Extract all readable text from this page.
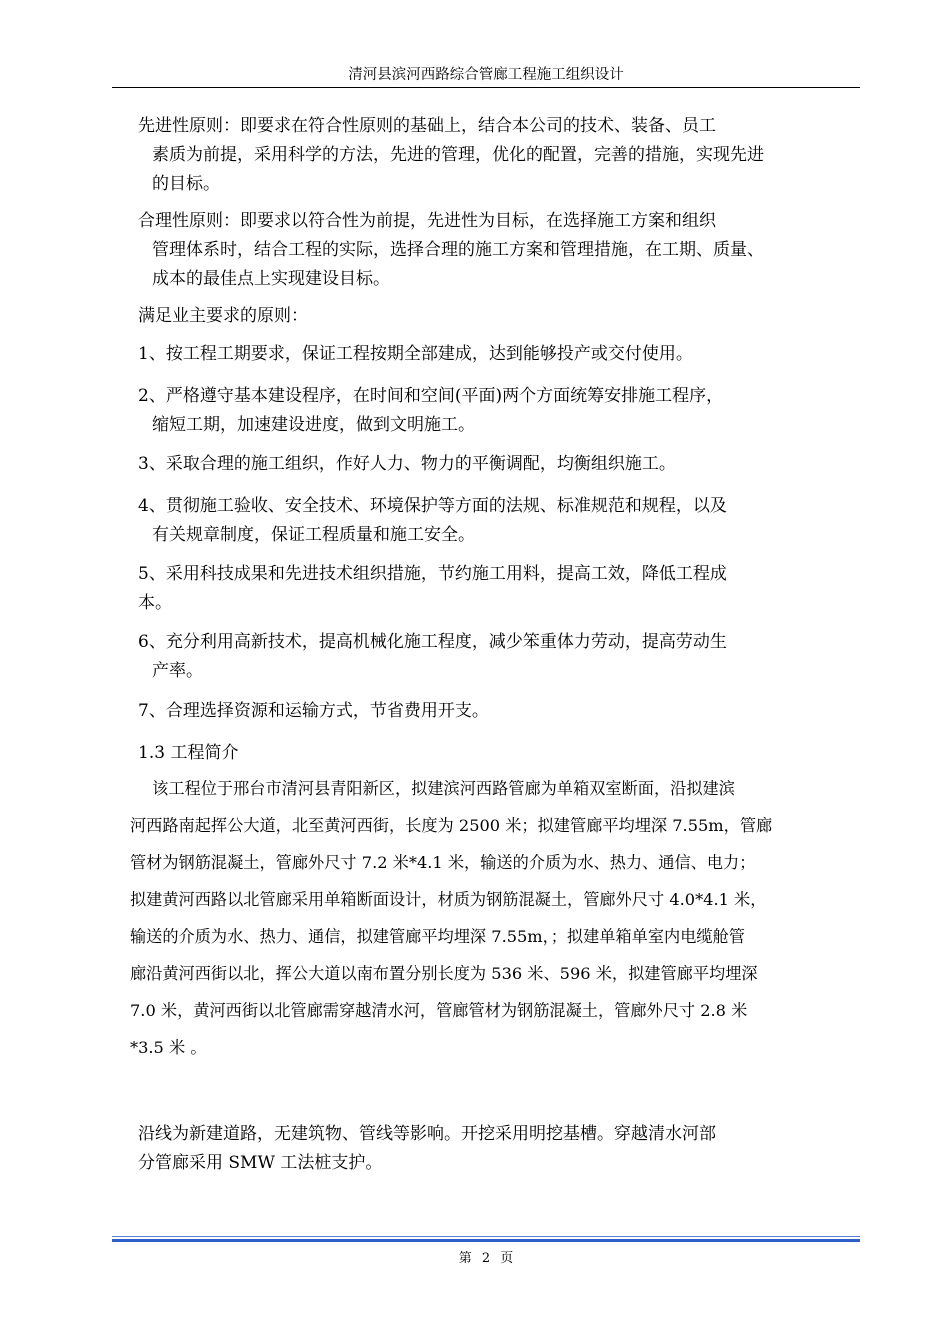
清河县滨河西路综合管廊工程施工组织设计

　　先进性原则：即要求在符合性原则的基础上，结合本公司的技术、装备、员工
素质为前提，采用科学的方法，先进的管理，优化的配置，完善的措施，实现先进
的目标。

　　合理性原则：即要求以符合性为前提，先进性为目标，在选择施工方案和组织
管理体系时，结合工程的实际，选择合理的施工方案和管理措施，在工期、质量、
成本的最佳点上实现建设目标。

　　满足业主要求的原则：

　　1、按工程工期要求，保证工程按期全部建成，达到能够投产或交付使用。

　　2、严格遵守基本建设程序，在时间和空间(平面)两个方面统筹安排施工程序，
缩短工期，加速建设进度，做到文明施工。

　　3、采取合理的施工组织，作好人力、物力的平衡调配，均衡组织施工。

　　4、贯彻施工验收、安全技术、环境保护等方面的法规、标准规范和规程，以及
有关规章制度，保证工程质量和施工安全。

　　5、采用科技成果和先进技术组织措施，节约施工用料，提高工效，降低工程成
本。

　　6、充分利用高新技术，提高机械化施工程度，减少笨重体力劳动，提高劳动生
产率。

　　7、合理选择资源和运输方式，节省费用开支。

　　1.3 工程简介

　该工程位于邢台市清河县青阳新区，拟建滨河西路管廊为单箱双室断面，沿拟建滨
河西路南起挥公大道，北至黄河西街，长度为 2500 米；拟建管廊平均埋深 7.55m，管廊
管材为钢筋混凝土，管廊外尺寸 7.2 米*4.1 米，输送的介质为水、热力、通信、电力；
拟建黄河西路以北管廊采用单箱断面设计，材质为钢筋混凝土，管廊外尺寸 4.0*4.1 米，
输送的介质为水、热力、通信，拟建管廊平均埋深 7.55m，；拟建单箱单室内电缆舱管
廊沿黄河西街以北，挥公大道以南布置分别长度为 536 米、596 米，拟建管廊平均埋深
7.0 米，黄河西街以北管廊需穿越清水河，管廊管材为钢筋混凝土，管廊外尺寸 2.8 米
*3.5 米 。

　　沿线为新建道路，无建筑物、管线等影响。开挖采用明挖基槽。穿越清水河部
分管廊采用 SMW 工法桩支护。

第 2 页
